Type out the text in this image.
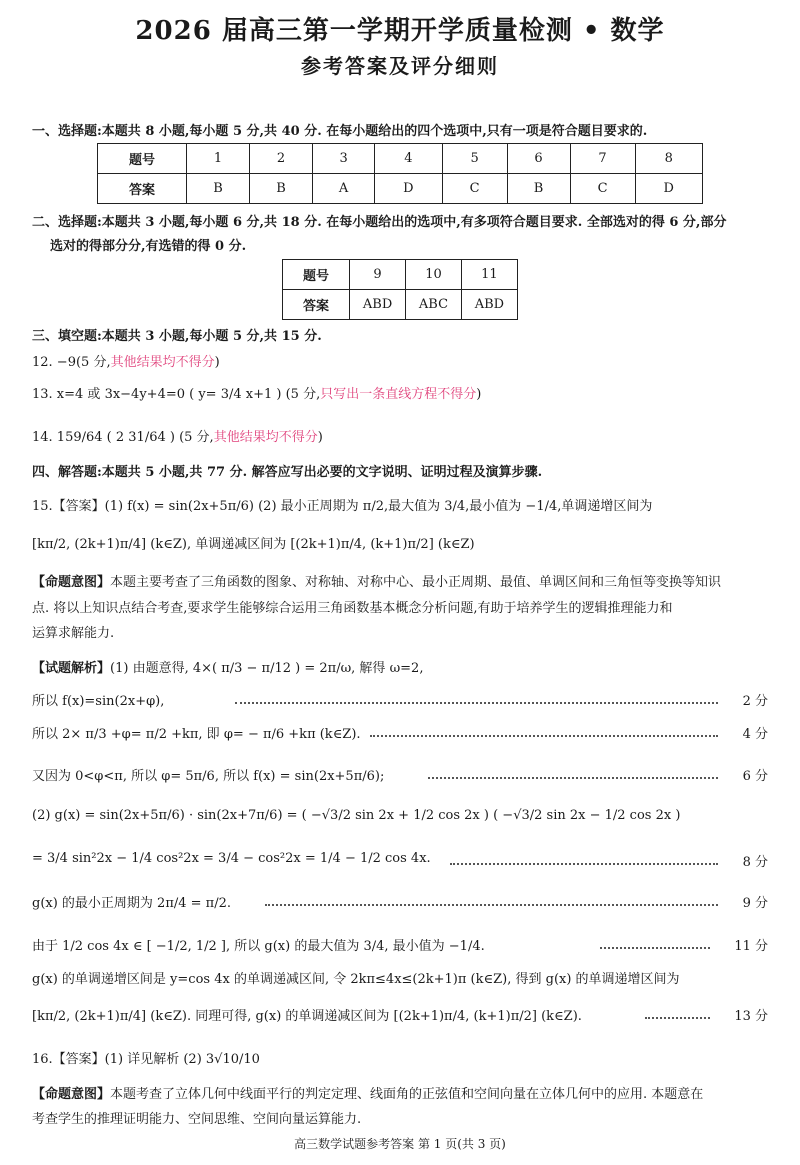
2026 届高三第一学期开学质量检测 • 数学
参考答案及评分细则
一、选择题:本题共 8 小题,每小题 5 分,共 40 分. 在每小题给出的四个选项中,只有一项是符合题目要求的.
题号	1	2	3	4	5	6	7	8
答案	B	B	A	D	C	B	C	D
二、选择题:本题共 3 小题,每小题 6 分,共 18 分. 在每小题给出的选项中,有多项符合题目要求. 全部选对的得 6 分,部分
选对的得部分分,有选错的得 0 分.
题号	9	10	11
答案	ABD	ABC	ABD
三、填空题:本题共 3 小题,每小题 5 分,共 15 分.
12. −9(5 分,其他结果均不得分)
13. x=4 或 3x−4y+4=0 ( y= 3/4 x+1 ) (5 分,只写出一条直线方程不得分)
14. 159/64 ( 2 31/64 ) (5 分,其他结果均不得分)
四、解答题:本题共 5 小题,共 77 分. 解答应写出必要的文字说明、证明过程及演算步骤.
15.【答案】(1) f(x) = sin(2x+5π/6) (2) 最小正周期为 π/2,最大值为 3/4,最小值为 −1/4,单调递增区间为
[kπ/2, (2k+1)π/4] (k∈Z), 单调递减区间为 [(2k+1)π/4, (k+1)π/2] (k∈Z)
【命题意图】本题主要考查了三角函数的图象、对称轴、对称中心、最小正周期、最值、单调区间和三角恒等变换等知识
点. 将以上知识点结合考查,要求学生能够综合运用三角函数基本概念分析问题,有助于培养学生的逻辑推理能力和
运算求解能力.
【试题解析】(1) 由题意得, 4×( π/3 − π/12 ) = 2π/ω, 解得 ω=2,
所以 f(x)=sin(2x+φ),	2 分
所以 2× π/3 +φ= π/2 +kπ, 即 φ= − π/6 +kπ (k∈Z).	4 分
又因为 0<φ<π, 所以 φ= 5π/6, 所以 f(x) = sin(2x+5π/6);	6 分
(2) g(x) = sin(2x+5π/6) · sin(2x+7π/6) = ( −√3/2 sin 2x + 1/2 cos 2x ) ( −√3/2 sin 2x − 1/2 cos 2x )
= 3/4 sin²2x − 1/4 cos²2x = 3/4 − cos²2x = 1/4 − 1/2 cos 4x.	8 分
g(x) 的最小正周期为 2π/4 = π/2.	9 分
由于 1/2 cos 4x ∈ [ −1/2, 1/2 ], 所以 g(x) 的最大值为 3/4, 最小值为 −1/4.	11 分
g(x) 的单调递增区间是 y=cos 4x 的单调递减区间, 令 2kπ≤4x≤(2k+1)π (k∈Z), 得到 g(x) 的单调递增区间为
[kπ/2, (2k+1)π/4] (k∈Z). 同理可得, g(x) 的单调递减区间为 [(2k+1)π/4, (k+1)π/2] (k∈Z).	13 分
16.【答案】(1) 详见解析 (2) 3√10/10
【命题意图】本题考查了立体几何中线面平行的判定定理、线面角的正弦值和空间向量在立体几何中的应用. 本题意在
考查学生的推理证明能力、空间思维、空间向量运算能力.
高三数学试题参考答案 第 1 页(共 3 页)
